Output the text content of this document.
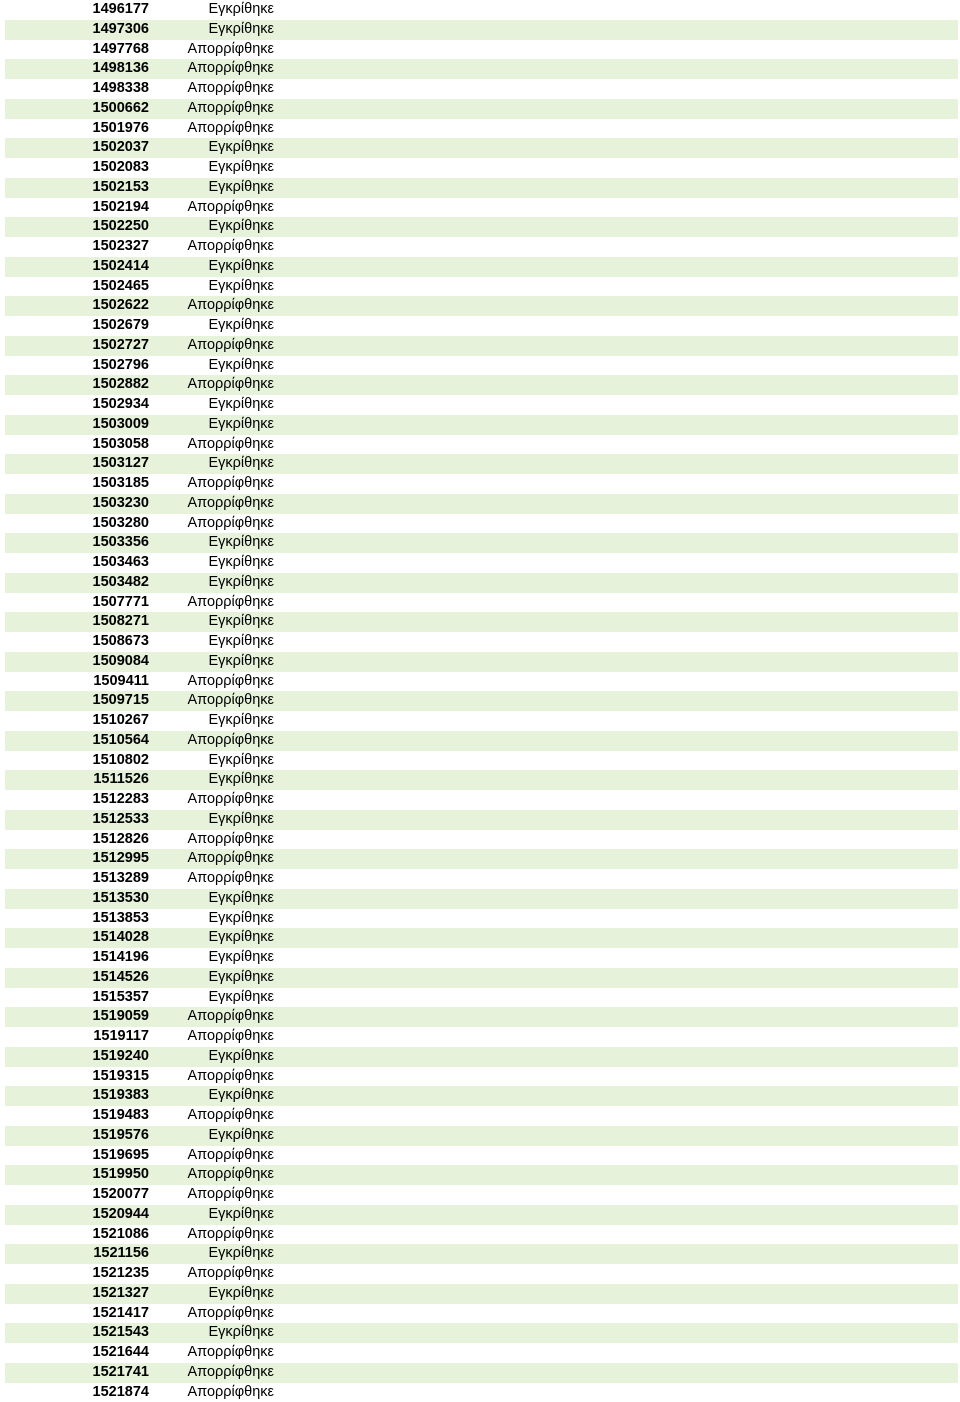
1496177	Εγκρίθηκε
1497306	Εγκρίθηκε
1497768	Απορρίφθηκε
1498136	Απορρίφθηκε
1498338	Απορρίφθηκε
1500662	Απορρίφθηκε
1501976	Απορρίφθηκε
1502037	Εγκρίθηκε
1502083	Εγκρίθηκε
1502153	Εγκρίθηκε
1502194	Απορρίφθηκε
1502250	Εγκρίθηκε
1502327	Απορρίφθηκε
1502414	Εγκρίθηκε
1502465	Εγκρίθηκε
1502622	Απορρίφθηκε
1502679	Εγκρίθηκε
1502727	Απορρίφθηκε
1502796	Εγκρίθηκε
1502882	Απορρίφθηκε
1502934	Εγκρίθηκε
1503009	Εγκρίθηκε
1503058	Απορρίφθηκε
1503127	Εγκρίθηκε
1503185	Απορρίφθηκε
1503230	Απορρίφθηκε
1503280	Απορρίφθηκε
1503356	Εγκρίθηκε
1503463	Εγκρίθηκε
1503482	Εγκρίθηκε
1507771	Απορρίφθηκε
1508271	Εγκρίθηκε
1508673	Εγκρίθηκε
1509084	Εγκρίθηκε
1509411	Απορρίφθηκε
1509715	Απορρίφθηκε
1510267	Εγκρίθηκε
1510564	Απορρίφθηκε
1510802	Εγκρίθηκε
1511526	Εγκρίθηκε
1512283	Απορρίφθηκε
1512533	Εγκρίθηκε
1512826	Απορρίφθηκε
1512995	Απορρίφθηκε
1513289	Απορρίφθηκε
1513530	Εγκρίθηκε
1513853	Εγκρίθηκε
1514028	Εγκρίθηκε
1514196	Εγκρίθηκε
1514526	Εγκρίθηκε
1515357	Εγκρίθηκε
1519059	Απορρίφθηκε
1519117	Απορρίφθηκε
1519240	Εγκρίθηκε
1519315	Απορρίφθηκε
1519383	Εγκρίθηκε
1519483	Απορρίφθηκε
1519576	Εγκρίθηκε
1519695	Απορρίφθηκε
1519950	Απορρίφθηκε
1520077	Απορρίφθηκε
1520944	Εγκρίθηκε
1521086	Απορρίφθηκε
1521156	Εγκρίθηκε
1521235	Απορρίφθηκε
1521327	Εγκρίθηκε
1521417	Απορρίφθηκε
1521543	Εγκρίθηκε
1521644	Απορρίφθηκε
1521741	Απορρίφθηκε
1521874	Απορρίφθηκε
